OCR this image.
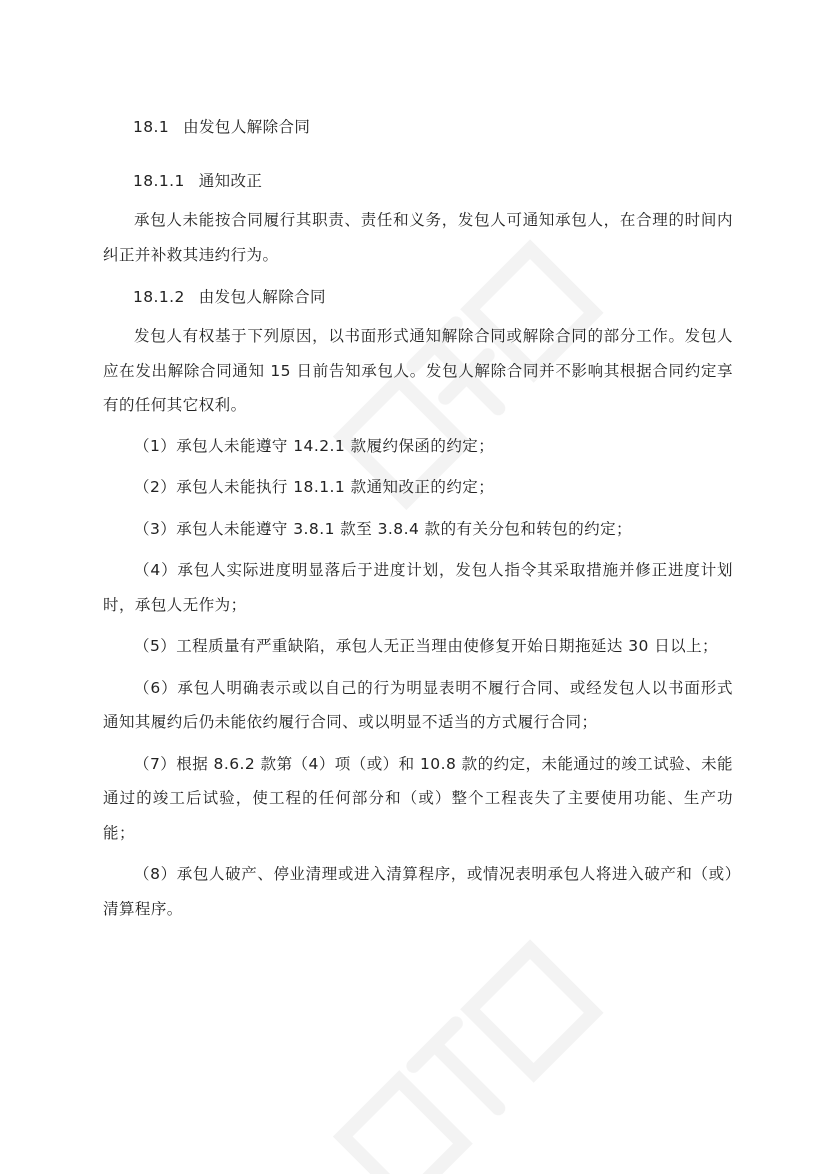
18.1 由发包人解除合同

18.1.1 通知改正

承包人未能按合同履行其职责、责任和义务，发包人可通知承包人，在合理的时间内纠正并补救其违约行为。

18.1.2 由发包人解除合同

发包人有权基于下列原因，以书面形式通知解除合同或解除合同的部分工作。发包人应在发出解除合同通知 15 日前告知承包人。发包人解除合同并不影响其根据合同约定享有的任何其它权利。

（1）承包人未能遵守 14.2.1 款履约保函的约定；

（2）承包人未能执行 18.1.1 款通知改正的约定；

（3）承包人未能遵守 3.8.1 款至 3.8.4 款的有关分包和转包的约定；

（4）承包人实际进度明显落后于进度计划，发包人指令其采取措施并修正进度计划时，承包人无作为；

（5）工程质量有严重缺陷，承包人无正当理由使修复开始日期拖延达 30 日以上；

（6）承包人明确表示或以自己的行为明显表明不履行合同、或经发包人以书面形式通知其履约后仍未能依约履行合同、或以明显不适当的方式履行合同；

（7）根据 8.6.2 款第（4）项（或）和 10.8 款的约定，未能通过的竣工试验、未能通过的竣工后试验，使工程的任何部分和（或）整个工程丧失了主要使用功能、生产功能；

（8）承包人破产、停业清理或进入清算程序，或情况表明承包人将进入破产和（或）清算程序。
